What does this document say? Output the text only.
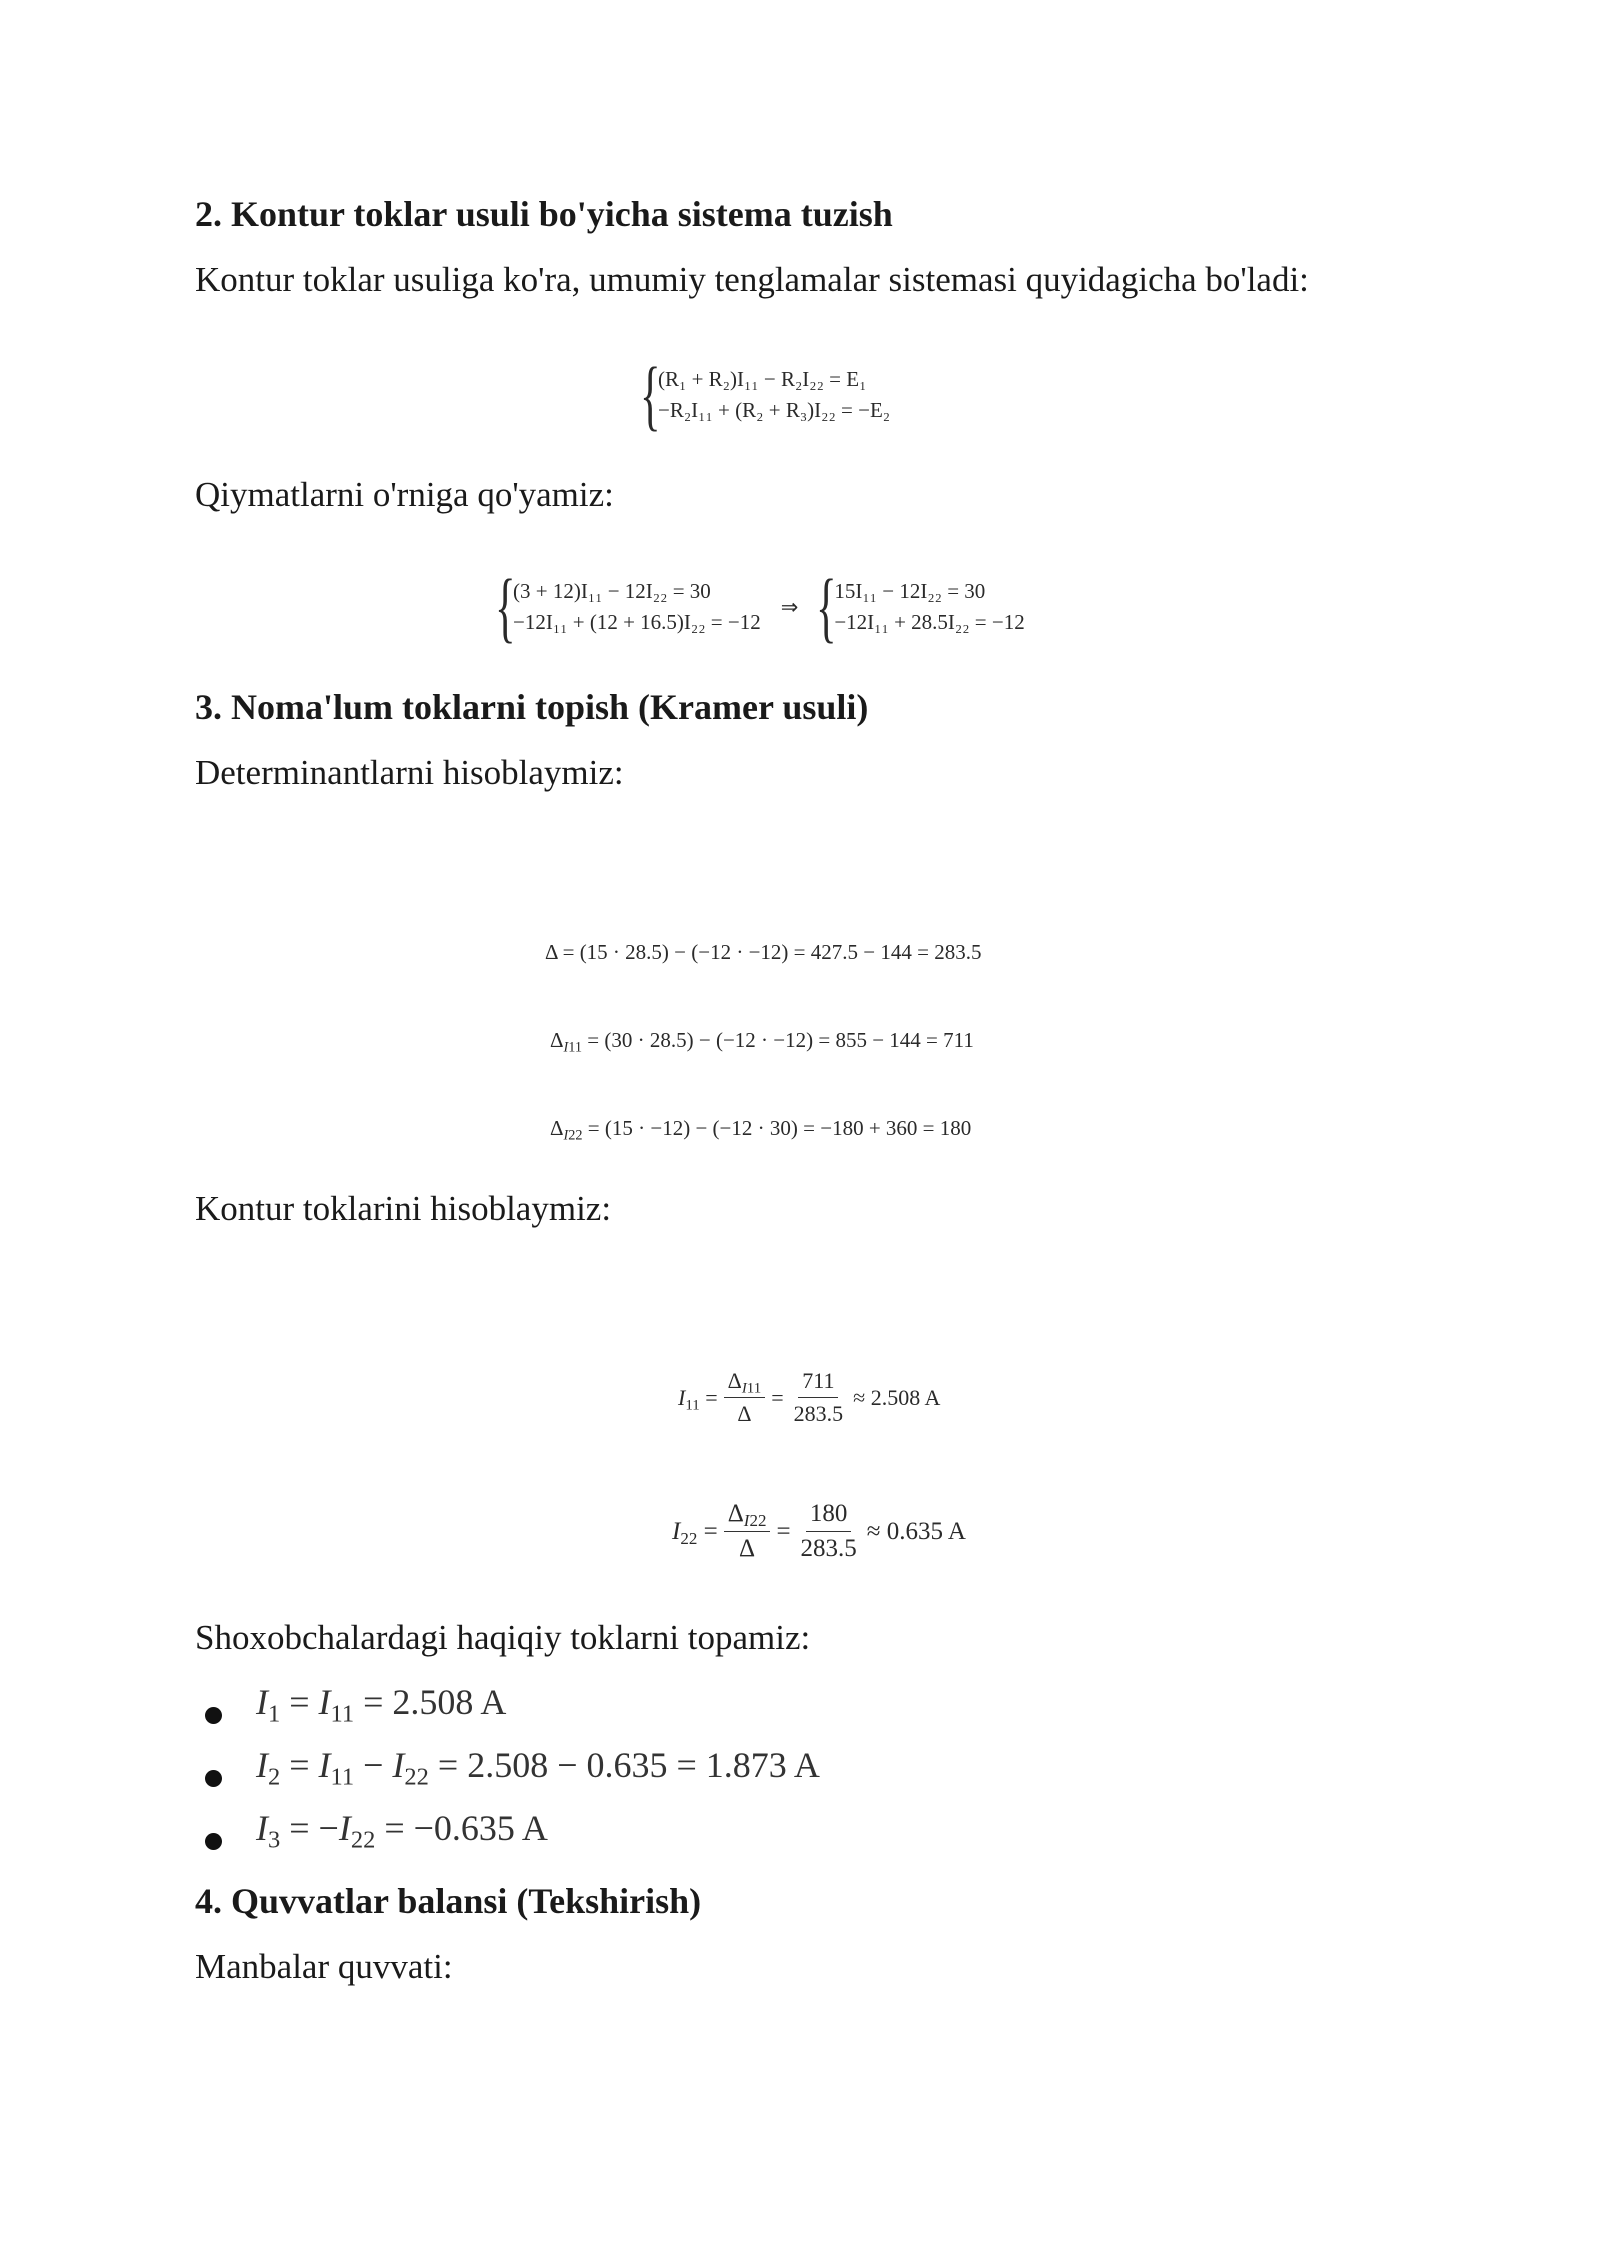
2. Kontur toklar usuli bo'yicha sistema tuzish

Kontur toklar usuliga ko'ra, umumiy tenglamalar sistemasi quyidagicha bo'ladi:

{
(R₁ + R₂)I₁₁ − R₂I₂₂ = E₁
−R₂I₁₁ + (R₂ + R₃)I₂₂ = −E₂

Qiymatlarni o'rniga qo'yamiz:

{
(3 + 12)I₁₁ − 12I₂₂ = 30
−12I₁₁ + (12 + 16.5)I₂₂ = −12
⇒ {
15I₁₁ − 12I₂₂ = 30
−12I₁₁ + 28.5I₂₂ = −12
3. Noma'lum toklarni topish (Kramer usuli)

Determinantlarni hisoblaymiz:

Δ = (15 · 28.5) − (−12 · −12) = 427.5 − 144 = 283.5
$\Delta_{I11} = (30 \cdot 28.5) - (-12 \cdot -12) = 855 - 144 = 711$
$\Delta_{I22} = (15 \cdot -12) - (-12 \cdot 30) = -180 + 360 = 180$

Kontur toklarini hisoblaymiz:

$I_{11} = \frac{\Delta_{I11}}{\Delta} = \frac{711}{283.5} \approx 2.508$ A
$I_{22} = \frac{\Delta_{I22}}{\Delta} = \frac{180}{283.5} \approx 0.635$ A

Shoxobchalardagi haqiqiy toklarni topamiz:

$I_1 = I_{11} = 2.508$ A
$I_2 = I_{11} - I_{22} = 2.508 - 0.635 = 1.873$ A
$I_3 = -I_{22} = -0.635$ A
4. Quvvatlar balansi (Tekshirish)

Manbalar quvvati:
